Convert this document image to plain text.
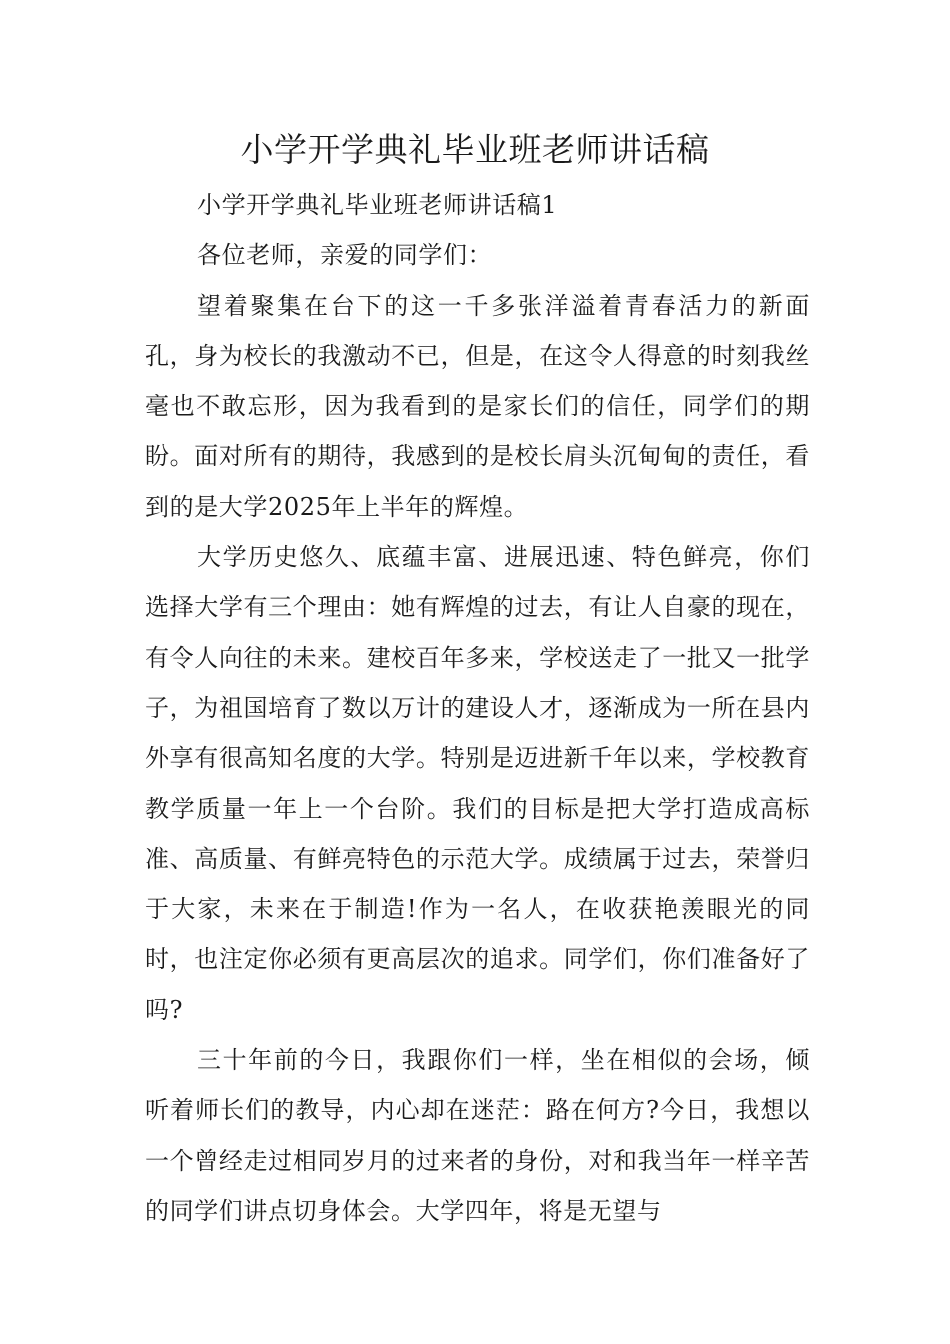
小学开学典礼毕业班老师讲话稿

小学开学典礼毕业班老师讲话稿1

各位老师，亲爱的同学们：

望着聚集在台下的这一千多张洋溢着青春活力的新面孔，身为校长的我激动不已，但是，在这令人得意的时刻我丝毫也不敢忘形，因为我看到的是家长们的信任，同学们的期盼。面对所有的期待，我感到的是校长肩头沉甸甸的责任，看到的是大学2025年上半年的辉煌。

大学历史悠久、底蕴丰富、进展迅速、特色鲜亮，你们选择大学有三个理由：她有辉煌的过去，有让人自豪的现在，有令人向往的未来。建校百年多来，学校送走了一批又一批学子，为祖国培育了数以万计的建设人才，逐渐成为一所在县内外享有很高知名度的大学。特别是迈进新千年以来，学校教育教学质量一年上一个台阶。我们的目标是把大学打造成高标准、高质量、有鲜亮特色的示范大学。成绩属于过去，荣誉归于大家，未来在于制造!作为一名人，在收获艳羡眼光的同时，也注定你必须有更高层次的追求。同学们，你们准备好了吗?

三十年前的今日，我跟你们一样，坐在相似的会场，倾听着师长们的教导，内心却在迷茫：路在何方?今日，我想以一个曾经走过相同岁月的过来者的身份，对和我当年一样辛苦的同学们讲点切身体会。大学四年，将是无望与
